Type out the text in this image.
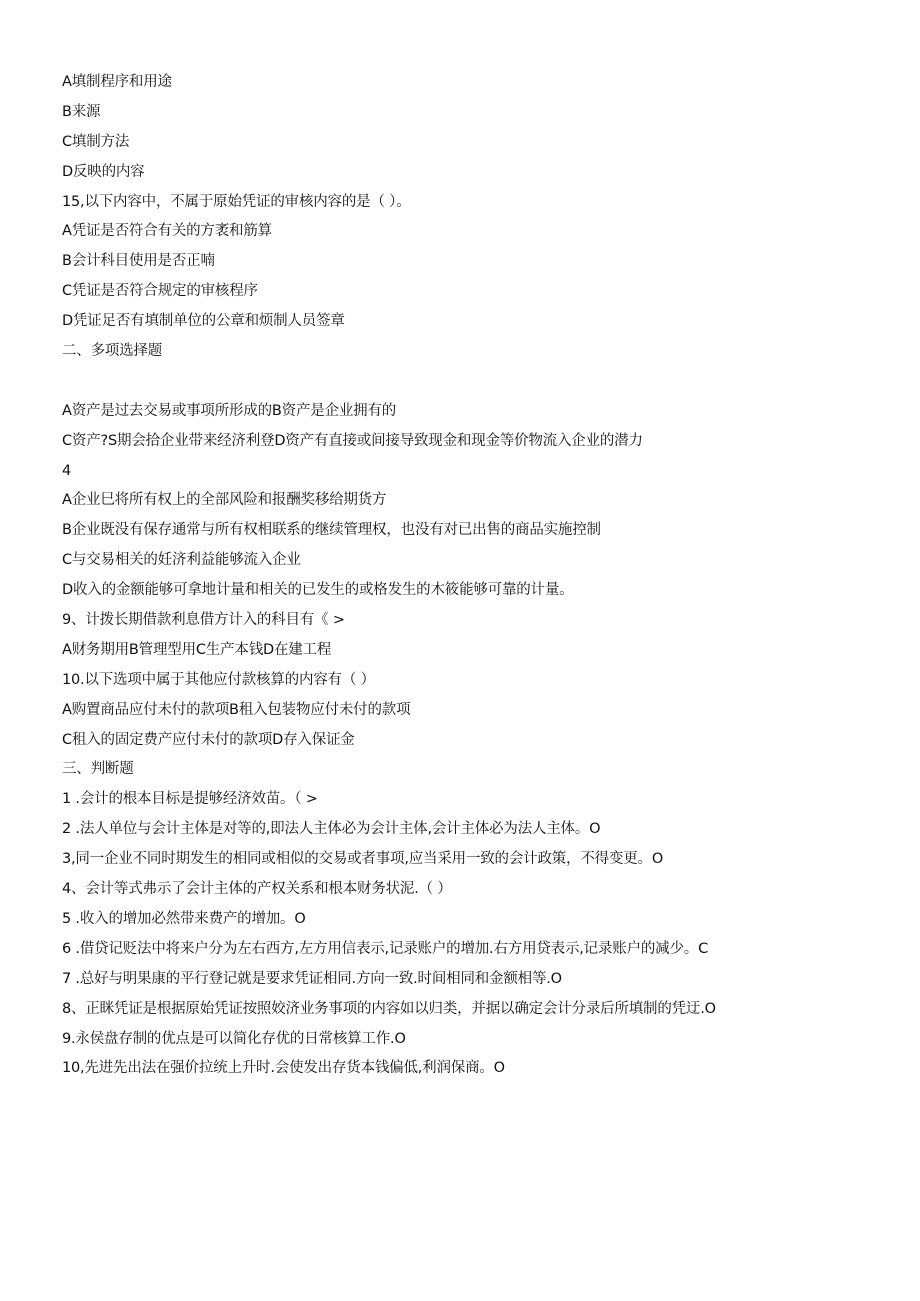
A填制程序和用途
B来源
C填制方法
D反映的内容
15,以下内容中，不属于原始凭证的审核内容的是（ ）。
A凭证是否符合有关的方袤和筋算
B会计科目使用是否正喃
C凭证是否符合规定的审核程序
D凭证足否有填制单位的公章和烦制人员签章
二、多项选择题
A资产是过去交易或事项所形成的B资产是企业拥有的
C资产?S期会拾企业带来经济利登D资产有直接或间接导致现金和现金等价物流入企业的潜力
4
A企业巳将所有权上的全部风险和报酬奖移给期货方
B企业既没有保存通常与所有权相联系的继续管理权，也没有对已出售的商品实施控制
C与交易相关的妊济利益能够流入企业
D收入的金额能够可拿地计量和相关的已发生的或格发生的木筱能够可靠的计量。
9、计拨长期借款利息借方计入的科目有《 >
A财务期用B管理型用C生产本钱D在建工程
10.以下选项中属于其他应付款核算的内容有（ ）
A购置商品应付未付的款项B租入包装物应付未付的款项
C租入的固定费产应付未付的款项D存入保证金
三、判断题
1 .会计的根本目标是提够经济效苗。（ >
2 .法人单位与会计主体是对等的,即法人主体必为会计主体,会计主体必为法人主体。O
3,同一企业不同时期发生的相同或相似的交易或者事项,应当采用一致的会计政策，不得变更。O
4、会计等式弗示了会计主体的产权关系和根本财务状泥.（ ）
5 .收入的增加必然带来费产的增加。O
6 .借贷记贬法中将来户分为左右西方,左方用信表示,记录账户的增加.右方用贷表示,记录账户的减少。C
7 .总好与明果康的平行登记就是要求凭证相同.方向一致.时间相同和金额相等.O
8、正眯凭证是根据原始凭证按照姣济业务事项的内容如以归类，并据以确定会计分录后所填制的凭迂.O
9.永侯盘存制的优点是可以简化存优的日常核算工作.O
10,先进先出法在强价拉统上升时.会使发出存货本钱偏低,利润保商。O
